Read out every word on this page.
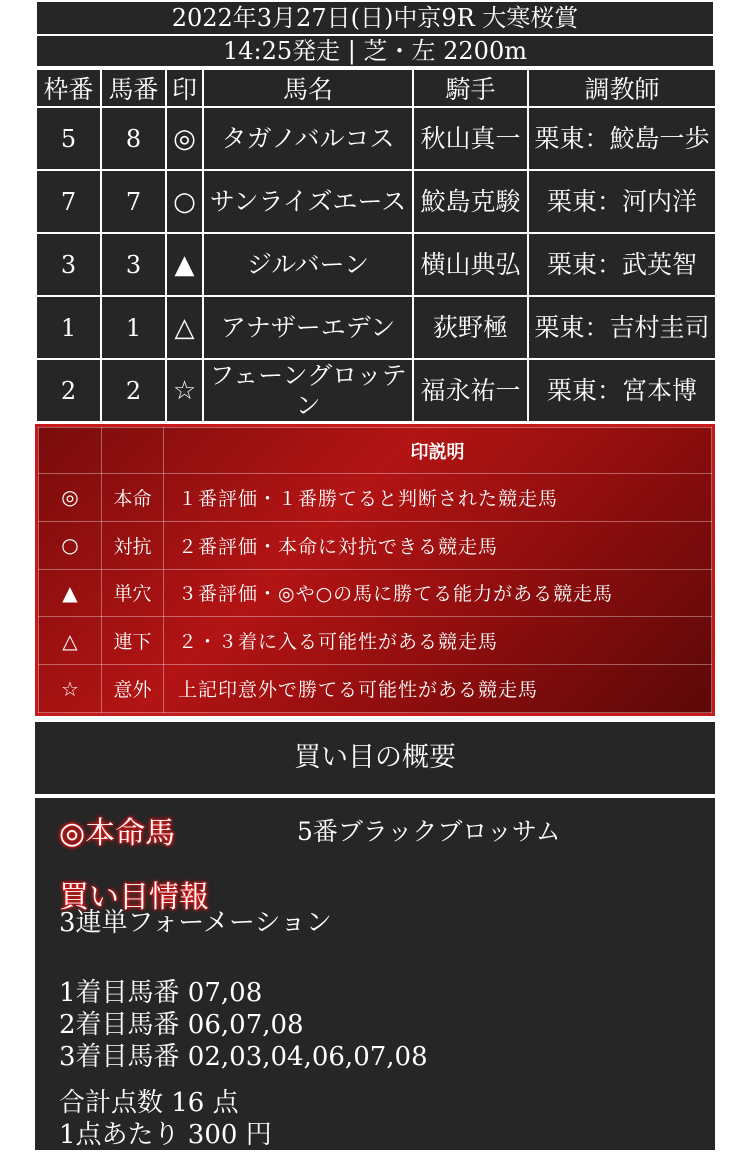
2022年3月27日(日)中京9R 大寒桜賞
14:25発走 | 芝・左 2200m
枠番	馬番	印	馬名	騎手	調教師
5	8	◎	タガノバルコス	秋山真一	栗東：鮫島一歩
7	7	○	サンライズエース	鮫島克駿	栗東：河内洋
3	3	▲	ジルバーン	横山典弘	栗東：武英智
1	1	△	アナザーエデン	荻野極	栗東：吉村圭司
2	2	☆	フェーングロッテン	福永祐一	栗東：宮本博
		印説明
◎	本命	１番評価・１番勝てると判断された競走馬
○	対抗	２番評価・本命に対抗できる競走馬
▲	単穴	３番評価・◎や○の馬に勝てる能力がある競走馬
△	連下	２・３着に入る可能性がある競走馬
☆	意外	上記印意外で勝てる可能性がある競走馬
買い目の概要
◎本命馬	5番ブラックブロッサム
買い目情報
3連単フォーメーション
1着目馬番 07,08
2着目馬番 06,07,08
3着目馬番 02,03,04,06,07,08
合計点数 16 点
1点あたり 300 円
